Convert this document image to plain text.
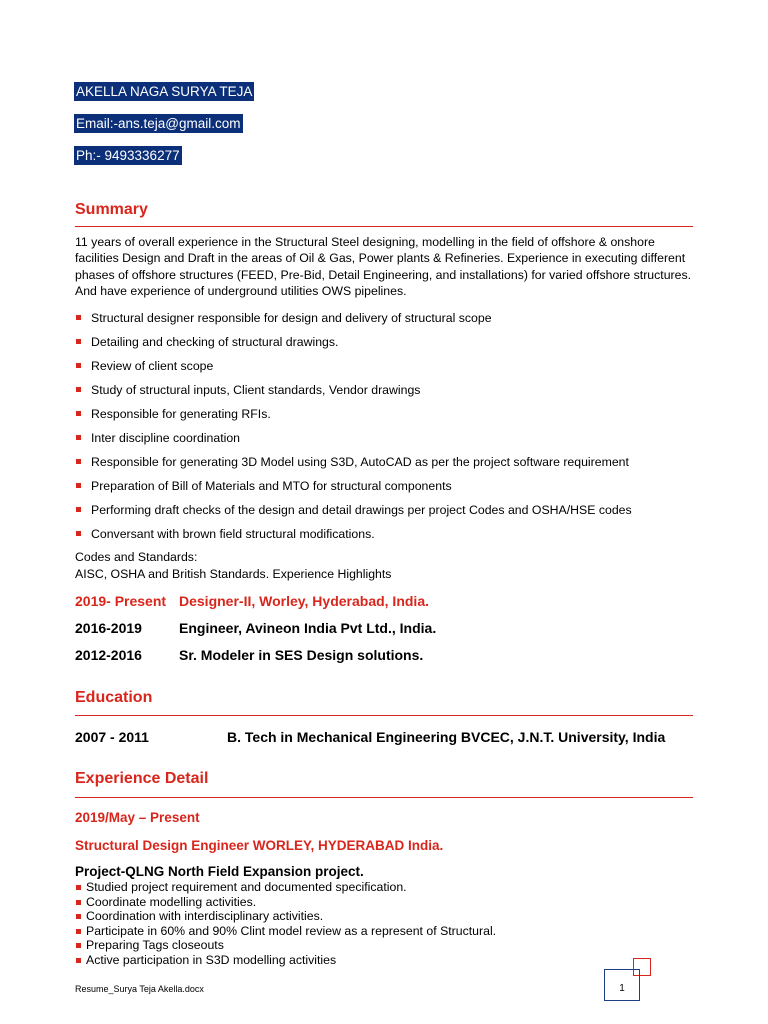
AKELLA NAGA SURYA TEJA
Email:-ans.teja@gmail.com
Ph:- 9493336277
Summary
11 years of overall experience in the Structural Steel designing, modelling in the field of offshore & onshore facilities Design and Draft in the areas of Oil & Gas, Power plants & Refineries. Experience in executing different phases of offshore structures (FEED, Pre-Bid, Detail Engineering, and installations) for varied offshore structures. And have experience of underground utilities OWS pipelines.
Structural designer responsible for design and delivery of structural scope
Detailing and checking of structural drawings.
Review of client scope
Study of structural inputs, Client standards, Vendor drawings
Responsible for generating RFIs.
Inter discipline coordination
Responsible for generating 3D Model using S3D, AutoCAD as per the project software requirement
Preparation of Bill of Materials and MTO for structural components
Performing draft checks of the design and detail drawings per project Codes and OSHA/HSE codes
Conversant with brown field structural modifications.
Codes and Standards:
AISC, OSHA and British Standards. Experience Highlights
2019- Present Designer-II, Worley, Hyderabad, India.
2016-2019	Engineer, Avineon India Pvt Ltd., India.
2012-2016	Sr. Modeler in SES Design solutions.
Education
2007 - 2011	B. Tech in Mechanical Engineering BVCEC, J.N.T. University, India
Experience Detail
2019/May – Present
Structural Design Engineer WORLEY, HYDERABAD India.
Project-QLNG North Field Expansion project.
Studied project requirement and documented specification.
Coordinate modelling activities.
Coordination with interdisciplinary activities.
Participate in 60% and 90% Clint model review as a represent of Structural.
Preparing Tags closeouts
Active participation in S3D modelling activities
Resume_Surya Teja Akella.docx	1
